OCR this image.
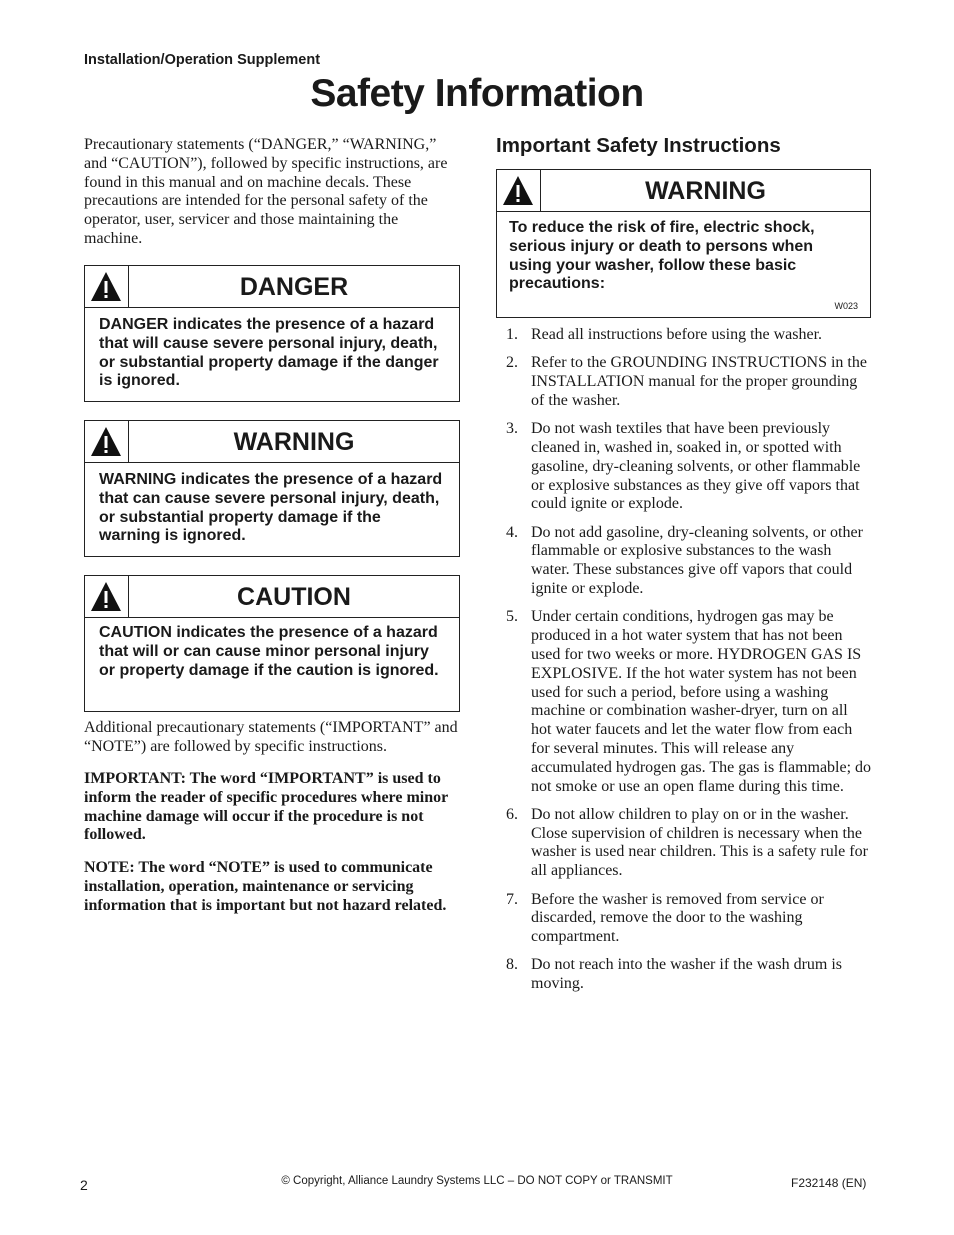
Installation/Operation Supplement
Safety Information

Precautionary statements (“DANGER,” “WARNING,” and “CAUTION”), followed by specific instructions, are found in this manual and on machine decals. These precautions are intended for the personal safety of the operator, user, servicer and those maintaining the machine.

DANGER
DANGER indicates the presence of a hazard that will cause severe personal injury, death, or substantial property damage if the danger is ignored.
WARNING
WARNING indicates the presence of a hazard that can cause severe personal injury, death, or substantial property damage if the warning is ignored.
CAUTION
CAUTION indicates the presence of a hazard that will or can cause minor personal injury or property damage if the caution is ignored.

Additional precautionary statements (“IMPORTANT” and “NOTE”) are followed by specific instructions.

IMPORTANT: The word “IMPORTANT” is used to inform the reader of specific procedures where minor machine damage will occur if the procedure is not followed.

NOTE: The word “NOTE” is used to communicate installation, operation, maintenance or servicing information that is important but not hazard related.

Important Safety Instructions
WARNING
To reduce the risk of fire, electric shock, serious injury or death to persons when using your washer, follow these basic precautions:
W023
1. Read all instructions before using the washer.
2. Refer to the GROUNDING INSTRUCTIONS in the INSTALLATION manual for the proper grounding of the washer.
3. Do not wash textiles that have been previously cleaned in, washed in, soaked in, or spotted with gasoline, dry-cleaning solvents, or other flammable or explosive substances as they give off vapors that could ignite or explode.
4. Do not add gasoline, dry-cleaning solvents, or other flammable or explosive substances to the wash water. These substances give off vapors that could ignite or explode.
5. Under certain conditions, hydrogen gas may be produced in a hot water system that has not been used for two weeks or more. HYDROGEN GAS IS EXPLOSIVE. If the hot water system has not been used for such a period, before using a washing machine or combination washer-dryer, turn on all hot water faucets and let the water flow from each for several minutes. This will release any accumulated hydrogen gas. The gas is flammable; do not smoke or use an open flame during this time.
6. Do not allow children to play on or in the washer. Close supervision of children is necessary when the washer is used near children. This is a safety rule for all appliances.
7. Before the washer is removed from service or discarded, remove the door to the washing compartment.
8. Do not reach into the washer if the wash drum is moving.
2	© Copyright, Alliance Laundry Systems LLC – DO NOT COPY or TRANSMIT	F232148 (EN)
